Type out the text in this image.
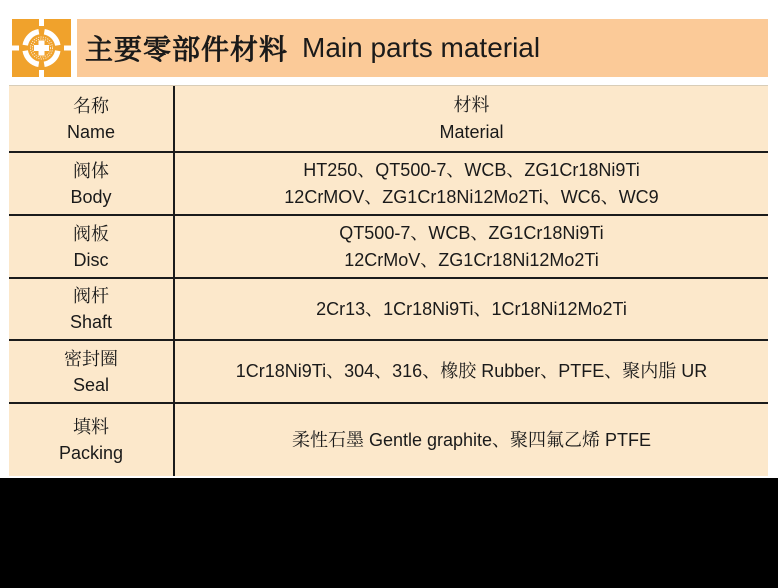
主要零部件材料 Main parts material
名称
Name
材料
Material
阀体
Body
HT250、QT500-7、WCB、ZG1Cr18Ni9Ti
12CrMOV、ZG1Cr18Ni12Mo2Ti、WC6、WC9
阀板
Disc
QT500-7、WCB、ZG1Cr18Ni9Ti
12CrMoV、ZG1Cr18Ni12Mo2Ti
阀杆
Shaft
2Cr13、1Cr18Ni9Ti、1Cr18Ni12Mo2Ti
密封圈
Seal
1Cr18Ni9Ti、304、316、橡胶 Rubber、PTFE、聚内脂 UR
填料
Packing
柔性石墨 Gentle graphite、聚四氟乙烯 PTFE
